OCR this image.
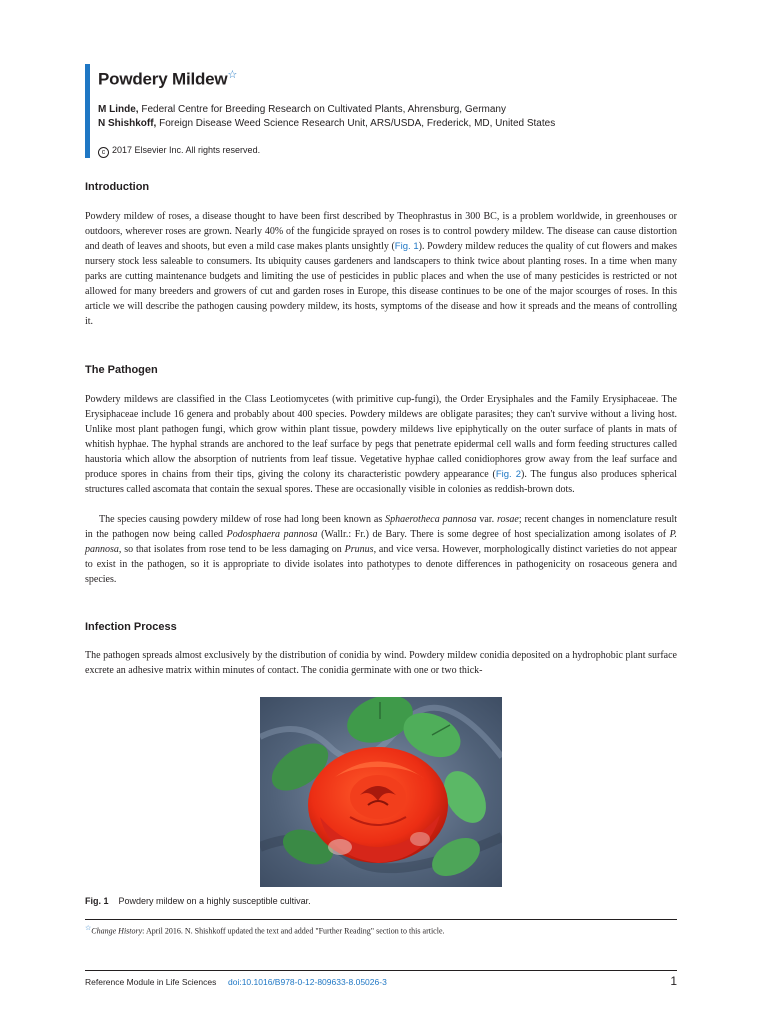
Powdery Mildew☆

M Linde, Federal Centre for Breeding Research on Cultivated Plants, Ahrensburg, Germany

N Shishkoff, Foreign Disease Weed Science Research Unit, ARS/USDA, Frederick, MD, United States

c 2017 Elsevier Inc. All rights reserved.
Introduction

Powdery mildew of roses, a disease thought to have been first described by Theophrastus in 300 BC, is a problem worldwide, in greenhouses or outdoors, wherever roses are grown. Nearly 40% of the fungicide sprayed on roses is to control powdery mildew. The disease can cause distortion and death of leaves and shoots, but even a mild case makes plants unsightly (Fig. 1). Powdery mildew reduces the quality of cut flowers and makes nursery stock less saleable to consumers. Its ubiquity causes gardeners and landscapers to think twice about planting roses. In a time when many parks are cutting maintenance budgets and limiting the use of pesticides in public places and when the use of many pesticides is restricted or not allowed for many breeders and growers of cut and garden roses in Europe, this disease continues to be one of the major scourges of roses. In this article we will describe the pathogen causing powdery mildew, its hosts, symptoms of the disease and how it spreads and the means of controlling it.

The Pathogen

Powdery mildews are classified in the Class Leotiomycetes (with primitive cup-fungi), the Order Erysiphales and the Family Erysiphaceae. The Erysiphaceae include 16 genera and probably about 400 species. Powdery mildews are obligate parasites; they can't survive without a living host. Unlike most plant pathogen fungi, which grow within plant tissue, powdery mildews live epiphytically on the outer surface of plants in mats of whitish hyphae. The hyphal strands are anchored to the leaf surface by pegs that penetrate epidermal cell walls and form feeding structures called haustoria which allow the absorption of nutrients from leaf tissue. Vegetative hyphae called conidiophores grow away from the leaf surface and produce spores in chains from their tips, giving the colony its characteristic powdery appearance (Fig. 2). The fungus also produces spherical structures called ascomata that contain the sexual spores. These are occasionally visible in colonies as reddish-brown dots.

The species causing powdery mildew of rose had long been known as Sphaerotheca pannosa var. rosae; recent changes in nomenclature result in the pathogen now being called Podosphaera pannosa (Wallr.: Fr.) de Bary. There is some degree of host specialization among isolates of P. pannosa, so that isolates from rose tend to be less damaging on Prunus, and vice versa. However, morphologically distinct varieties do not appear to exist in the pathogen, so it is appropriate to divide isolates into pathotypes to denote differences in pathogenicity on rosaceous genera and species.

Infection Process

The pathogen spreads almost exclusively by the distribution of conidia by wind. Powdery mildew conidia deposited on a hydrophobic plant surface excrete an adhesive matrix within minutes of contact. The conidia germinate with one or two thick-

Fig. 1 Powdery mildew on a highly susceptible cultivar.

☆Change History: April 2016. N. Shishkoff updated the text and added "Further Reading" section to this article.

Reference Module in Life Sciences doi:10.1016/B978-0-12-809633-8.05026-3	1
